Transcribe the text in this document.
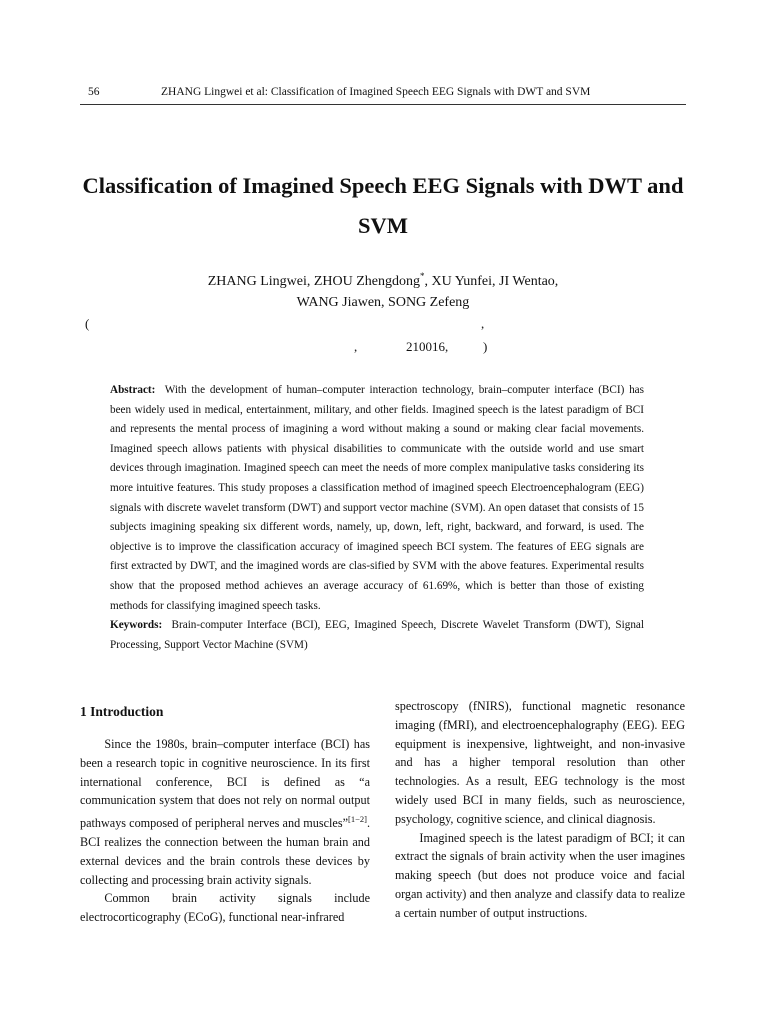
56	ZHANG Lingwei et al: Classification of Imagined Speech EEG Signals with DWT and SVM
Classification of Imagined Speech EEG Signals with DWT and SVM
ZHANG Lingwei, ZHOU Zhengdong*, XU Yunfei, JI Wentao,
WANG Jiawen, SONG Zefeng
(	,
,	210016,	)

Abstract: With the development of human–computer interaction technology, brain–computer interface (BCI) has been widely used in medical, entertainment, military, and other fields. Imagined speech is the latest paradigm of BCI and represents the mental process of imagining a word without making a sound or making clear facial movements. Imagined speech allows patients with physical disabilities to communicate with the outside world and use smart devices through imagination. Imagined speech can meet the needs of more complex manipulative tasks considering its more intuitive features. This study proposes a classification method of imagined speech Electroencephalogram (EEG) signals with discrete wavelet transform (DWT) and support vector machine (SVM). An open dataset that consists of 15 subjects imagining speaking six different words, namely, up, down, left, right, backward, and forward, is used. The objective is to improve the classification accuracy of imagined speech BCI system. The features of EEG signals are first extracted by DWT, and the imagined words are clas-sified by SVM with the above features. Experimental results show that the proposed method achieves an average accuracy of 61.69%, which is better than those of existing methods for classifying imagined speech tasks.

Keywords: Brain-computer Interface (BCI), EEG, Imagined Speech, Discrete Wavelet Transform (DWT), Signal Processing, Support Vector Machine (SVM)

1 Introduction

Since the 1980s, brain–computer interface (BCI) has been a research topic in cognitive neuroscience. In its first international conference, BCI is defined as “a communication system that does not rely on normal output pathways composed of peripheral nerves and muscles”[1−2]. BCI realizes the connection between the human brain and external devices and the brain controls these devices by collecting and processing brain activity signals.

Common brain activity signals include electrocorticography (ECoG), functional near-infrared

spectroscopy (fNIRS), functional magnetic resonance imaging (fMRI), and electroencephalography (EEG). EEG equipment is inexpensive, lightweight, and non-invasive and has a higher temporal resolution than other technologies. As a result, EEG technology is the most widely used BCI in many fields, such as neuroscience, psychology, cognitive science, and clinical diagnosis.

Imagined speech is the latest paradigm of BCI; it can extract the signals of brain activity when the user imagines making speech (but does not produce voice and facial organ activity) and then analyze and classify data to realize a certain number of output instructions.
